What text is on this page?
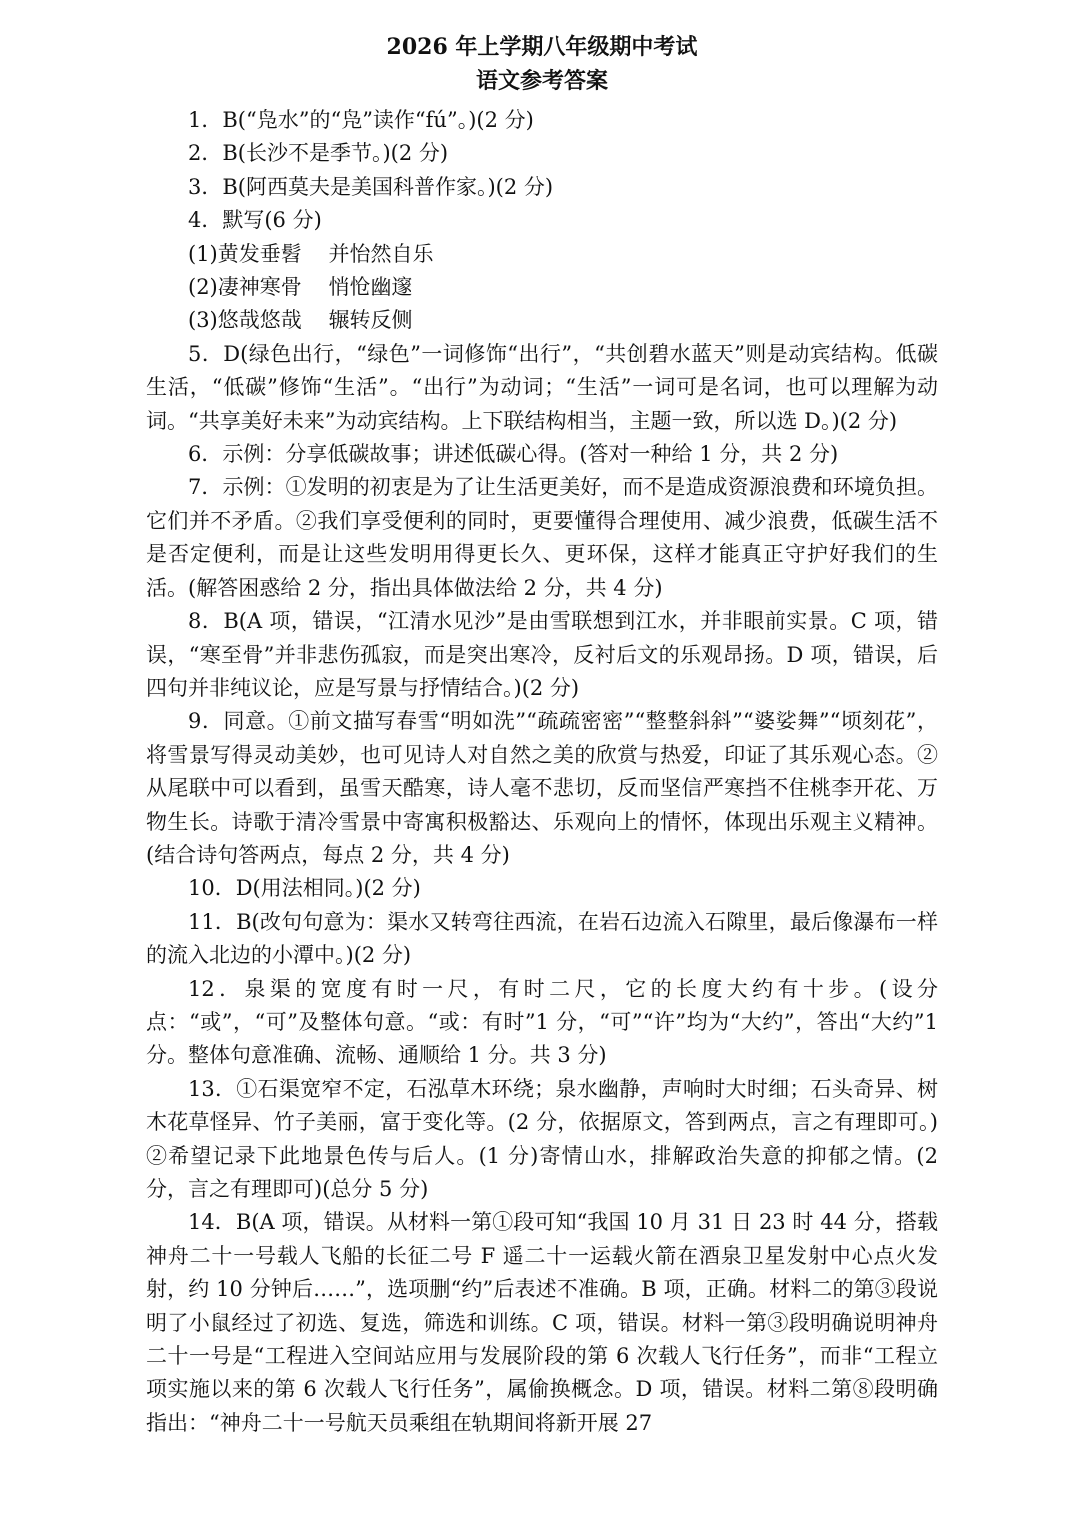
2026 年上学期八年级期中考试
语文参考答案

1．B(“凫水”的“凫”读作“fú”。)(2 分)

2．B(长沙不是季节。)(2 分)

3．B(阿西莫夫是美国科普作家。)(2 分)

4．默写(6 分)

(1)黄发垂髫    并怡然自乐

(2)凄神寒骨    悄怆幽邃

(3)悠哉悠哉    辗转反侧

5．D(绿色出行，“绿色”一词修饰“出行”，“共创碧水蓝天”则是动宾结构。低碳生活，“低碳”修饰“生活”。“出行”为动词；“生活”一词可是名词，也可以理解为动词。“共享美好未来”为动宾结构。上下联结构相当，主题一致，所以选 D。)(2 分)

6．示例：分享低碳故事；讲述低碳心得。(答对一种给 1 分，共 2 分)

7．示例：①发明的初衷是为了让生活更美好，而不是造成资源浪费和环境负担。它们并不矛盾。②我们享受便利的同时，更要懂得合理使用、减少浪费，低碳生活不是否定便利，而是让这些发明用得更长久、更环保，这样才能真正守护好我们的生活。(解答困惑给 2 分，指出具体做法给 2 分，共 4 分)

8．B(A 项，错误，“江清水见沙”是由雪联想到江水，并非眼前实景。C 项，错误，“寒至骨”并非悲伤孤寂，而是突出寒冷，反衬后文的乐观昂扬。D 项，错误，后四句并非纯议论，应是写景与抒情结合。)(2 分)

9．同意。①前文描写春雪“明如洗”“疏疏密密”“整整斜斜”“婆娑舞”“顷刻花”，将雪景写得灵动美妙，也可见诗人对自然之美的欣赏与热爱，印证了其乐观心态。②从尾联中可以看到，虽雪天酷寒，诗人毫不悲切，反而坚信严寒挡不住桃李开花、万物生长。诗歌于清冷雪景中寄寓积极豁达、乐观向上的情怀，体现出乐观主义精神。(结合诗句答两点，每点 2 分，共 4 分)

10．D(用法相同。)(2 分)

11．B(改句句意为：渠水又转弯往西流，在岩石边流入石隙里，最后像瀑布一样的流入北边的小潭中。)(2 分)

12．泉渠的宽度有时一尺，有时二尺，它的长度大约有十步。(设分点：“或”，“可”及整体句意。“或：有时”1 分，“可”“许”均为“大约”，答出“大约”1 分。整体句意准确、流畅、通顺给 1 分。共 3 分)

13．①石渠宽窄不定，石泓草木环绕；泉水幽静，声响时大时细；石头奇异、树木花草怪异、竹子美丽，富于变化等。(2 分，依据原文，答到两点，言之有理即可。)②希望记录下此地景色传与后人。(1 分)寄情山水，排解政治失意的抑郁之情。(2 分，言之有理即可)(总分 5 分)

14．B(A 项，错误。从材料一第①段可知“我国 10 月 31 日 23 时 44 分，搭载神舟二十一号载人飞船的长征二号 F 遥二十一运载火箭在酒泉卫星发射中心点火发射，约 10 分钟后……”，选项删“约”后表述不准确。B 项，正确。材料二的第③段说明了小鼠经过了初选、复选，筛选和训练。C 项，错误。材料一第③段明确说明神舟二十一号是“工程进入空间站应用与发展阶段的第 6 次载人飞行任务”，而非“工程立项实施以来的第 6 次载人飞行任务”，属偷换概念。D 项，错误。材料二第⑧段明确指出：“神舟二十一号航天员乘组在轨期间将新开展 27
